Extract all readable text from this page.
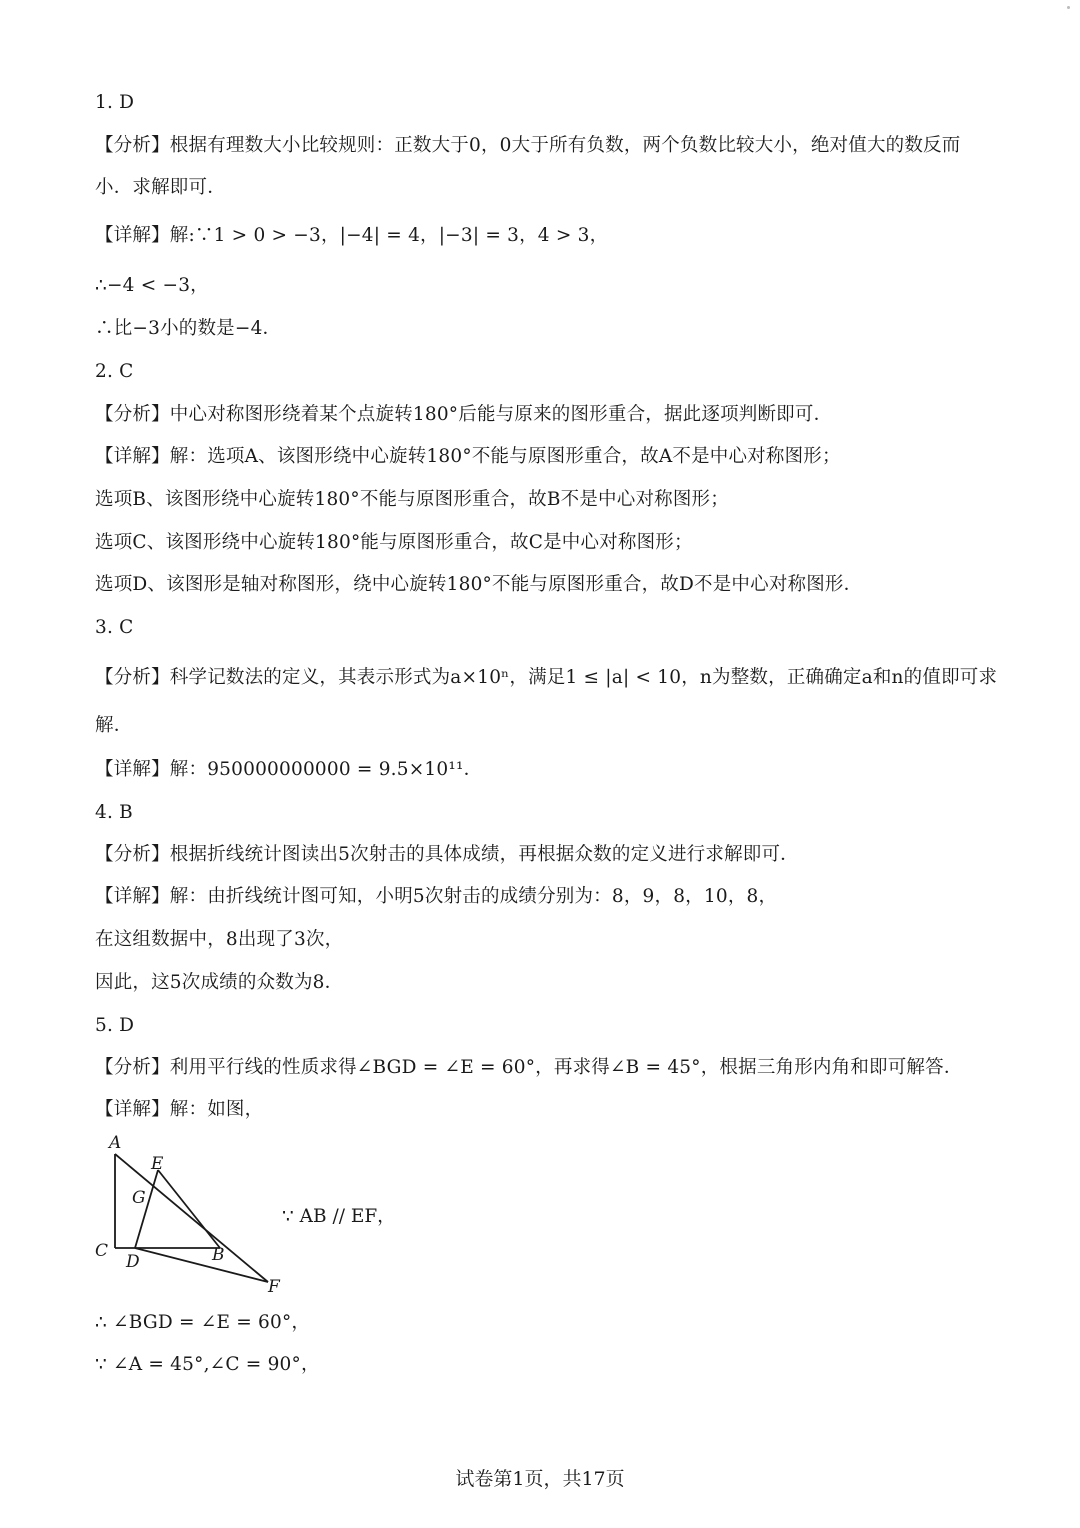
1. D
【分析】根据有理数大小比较规则：正数大于0，0大于所有负数，两个负数比较大小，绝对值大的数反而
小．求解即可．
【详解】解:∵1 > 0 > −3，|−4| = 4，|−3| = 3，4 > 3，
∴−4 < −3，
∴比−3小的数是−4．
2. C
【分析】中心对称图形绕着某个点旋转180°后能与原来的图形重合，据此逐项判断即可．
【详解】解：选项A、该图形绕中心旋转180°不能与原图形重合，故A不是中心对称图形；
选项B、该图形绕中心旋转180°不能与原图形重合，故B不是中心对称图形；
选项C、该图形绕中心旋转180°能与原图形重合，故C是中心对称图形；
选项D、该图形是轴对称图形，绕中心旋转180°不能与原图形重合，故D不是中心对称图形．
3. C
【分析】科学记数法的定义，其表示形式为a×10ⁿ，满足1 ≤ |a| < 10，n为整数，正确确定a和n的值即可求
解．
【详解】解：950000000000 = 9.5×10¹¹．
4. B
【分析】根据折线统计图读出5次射击的具体成绩，再根据众数的定义进行求解即可．
【详解】解：由折线统计图可知，小明5次射击的成绩分别为：8，9，8，10，8，
在这组数据中，8出现了3次，
因此，这5次成绩的众数为8．
5. D
【分析】利用平行线的性质求得∠BGD = ∠E = 60°，再求得∠B = 45°，根据三角形内角和即可解答．
【详解】解：如图，
A
E
G
C
D	B
F
∵ AB // EF，
∴ ∠BGD = ∠E = 60°，
∵ ∠A = 45°,∠C = 90°，
试卷第1页，共17页
